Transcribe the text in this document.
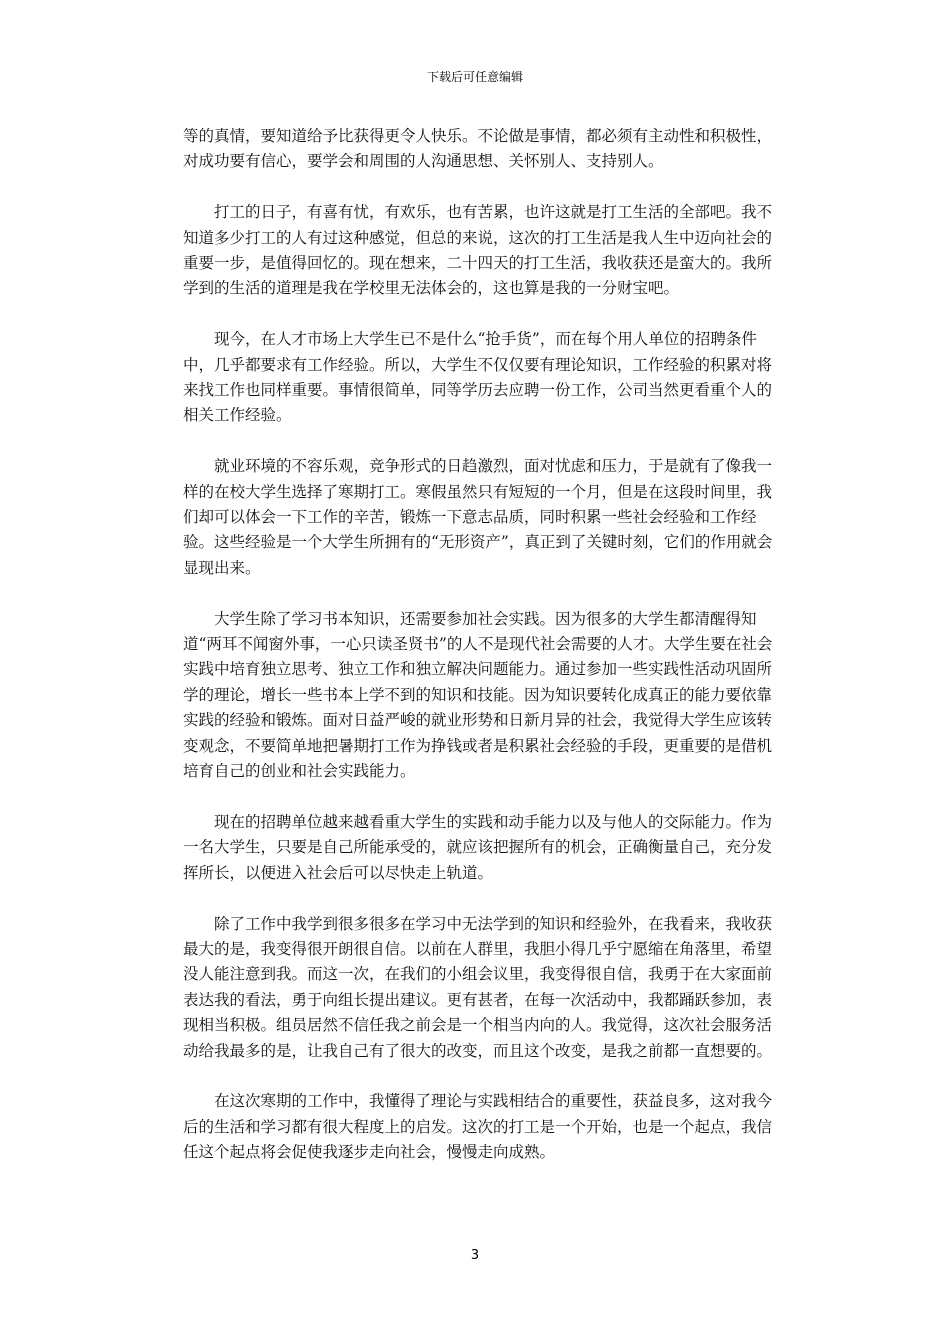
下载后可任意编辑

等的真情，要知道给予比获得更令人快乐。不论做是事情，都必须有主动性和积极性，对成功要有信心，要学会和周围的人沟通思想、关怀别人、支持别人。

打工的日子，有喜有忧，有欢乐，也有苦累，也许这就是打工生活的全部吧。我不知道多少打工的人有过这种感觉，但总的来说，这次的打工生活是我人生中迈向社会的重要一步，是值得回忆的。现在想来，二十四天的打工生活，我收获还是蛮大的。我所学到的生活的道理是我在学校里无法体会的，这也算是我的一分财宝吧。

现今，在人才市场上大学生已不是什么“抢手货”，而在每个用人单位的招聘条件中，几乎都要求有工作经验。所以，大学生不仅仅要有理论知识，工作经验的积累对将来找工作也同样重要。事情很简单，同等学历去应聘一份工作，公司当然更看重个人的相关工作经验。

就业环境的不容乐观，竞争形式的日趋激烈，面对忧虑和压力，于是就有了像我一样的在校大学生选择了寒期打工。寒假虽然只有短短的一个月，但是在这段时间里，我们却可以体会一下工作的辛苦，锻炼一下意志品质，同时积累一些社会经验和工作经验。这些经验是一个大学生所拥有的“无形资产”，真正到了关键时刻，它们的作用就会显现出来。

大学生除了学习书本知识，还需要参加社会实践。因为很多的大学生都清醒得知道“两耳不闻窗外事，一心只读圣贤书”的人不是现代社会需要的人才。大学生要在社会实践中培育独立思考、独立工作和独立解决问题能力。通过参加一些实践性活动巩固所学的理论，增长一些书本上学不到的知识和技能。因为知识要转化成真正的能力要依靠实践的经验和锻炼。面对日益严峻的就业形势和日新月异的社会，我觉得大学生应该转变观念，不要简单地把暑期打工作为挣钱或者是积累社会经验的手段，更重要的是借机培育自己的创业和社会实践能力。

现在的招聘单位越来越看重大学生的实践和动手能力以及与他人的交际能力。作为一名大学生，只要是自己所能承受的，就应该把握所有的机会，正确衡量自己，充分发挥所长，以便进入社会后可以尽快走上轨道。

除了工作中我学到很多很多在学习中无法学到的知识和经验外，在我看来，我收获最大的是，我变得很开朗很自信。以前在人群里，我胆小得几乎宁愿缩在角落里，希望没人能注意到我。而这一次，在我们的小组会议里，我变得很自信，我勇于在大家面前表达我的看法，勇于向组长提出建议。更有甚者，在每一次活动中，我都踊跃参加，表现相当积极。组员居然不信任我之前会是一个相当内向的人。我觉得，这次社会服务活动给我最多的是，让我自己有了很大的改变，而且这个改变，是我之前都一直想要的。

在这次寒期的工作中，我懂得了理论与实践相结合的重要性，获益良多，这对我今后的生活和学习都有很大程度上的启发。这次的打工是一个开始，也是一个起点，我信任这个起点将会促使我逐步走向社会，慢慢走向成熟。

3
